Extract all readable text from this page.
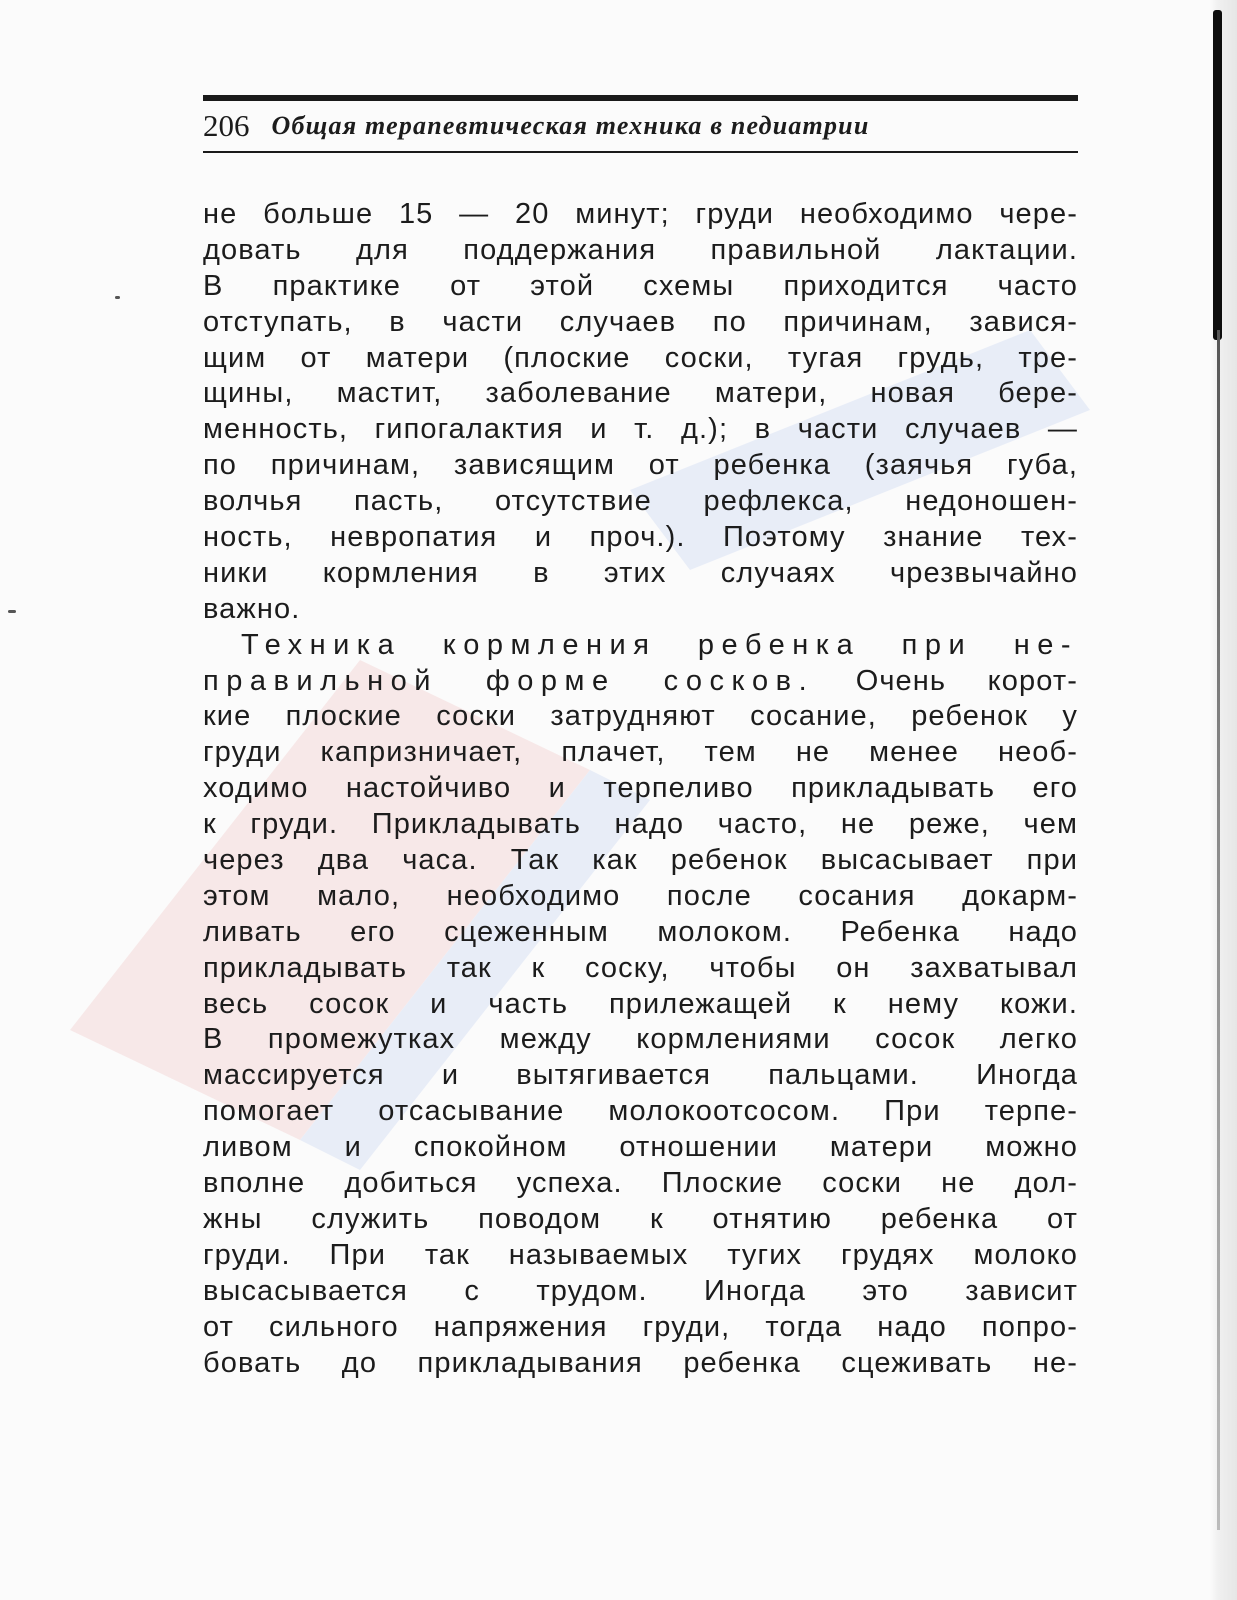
206 Общая терапевтическая техника в педиатрии
не больше 15 — 20 минут; груди необходимо чере-
довать для поддержания правильной лактации.
В практике от этой схемы приходится часто
отступать, в части случаев по причинам, завися-
щим от матери (плоские соски, тугая грудь, тре-
щины, мастит, заболевание матери, новая бере-
менность, гипогалактия и т. д.); в части случаев —
по причинам, зависящим от ребенка (заячья губа,
волчья пасть, отсутствие рефлекса, недоношен-
ность, невропатия и проч.). Поэтому знание тех-
ники кормления в этих случаях чрезвычайно
важно.
Техника кормления ребенка при не-
правильной форме сосков. Очень корот-
кие плоские соски затрудняют сосание, ребенок у
груди капризничает, плачет, тем не менее необ-
ходимо настойчиво и терпеливо прикладывать его
к груди. Прикладывать надо часто, не реже, чем
через два часа. Так как ребенок высасывает при
этом мало, необходимо после сосания докарм-
ливать его сцеженным молоком. Ребенка надо
прикладывать так к соску, чтобы он захватывал
весь сосок и часть прилежащей к нему кожи.
В промежутках между кормлениями сосок легко
массируется и вытягивается пальцами. Иногда
помогает отсасывание молокоотсосом. При терпе-
ливом и спокойном отношении матери можно
вполне добиться успеха. Плоские соски не дол-
жны служить поводом к отнятию ребенка от
груди. При так называемых тугих грудях молоко
высасывается с трудом. Иногда это зависит
от сильного напряжения груди, тогда надо попро-
бовать до прикладывания ребенка сцеживать не-
